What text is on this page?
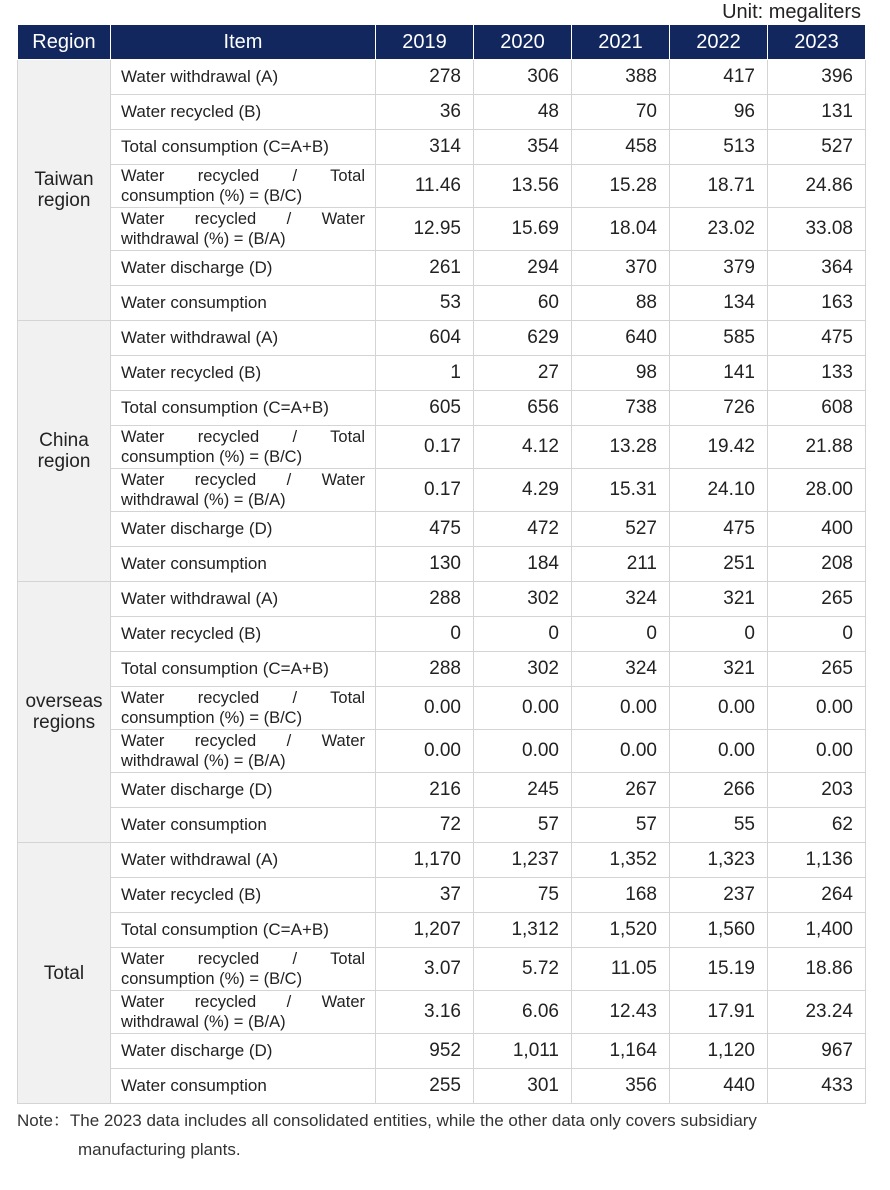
Unit: megaliters
Region	Item	2019	2020	2021	2022	2023
Taiwan
region	Water withdrawal (A)	278	306	388	417	396
	Water recycled (B)	36	48	70	96	131
	Total consumption (C=A+B)	314	354	458	513	527
	Water recycled / Total consumption (%) = (B/C)	11.46	13.56	15.28	18.71	24.86
	Water recycled / Water withdrawal (%) = (B/A)	12.95	15.69	18.04	23.02	33.08
	Water discharge (D)	261	294	370	379	364
	Water consumption	53	60	88	134	163
China
region	Water withdrawal (A)	604	629	640	585	475
	Water recycled (B)	1	27	98	141	133
	Total consumption (C=A+B)	605	656	738	726	608
	Water recycled / Total consumption (%) = (B/C)	0.17	4.12	13.28	19.42	21.88
	Water recycled / Water withdrawal (%) = (B/A)	0.17	4.29	15.31	24.10	28.00
	Water discharge (D)	475	472	527	475	400
	Water consumption	130	184	211	251	208
overseas
regions	Water withdrawal (A)	288	302	324	321	265
	Water recycled (B)	0	0	0	0	0
	Total consumption (C=A+B)	288	302	324	321	265
	Water recycled / Total consumption (%) = (B/C)	0.00	0.00	0.00	0.00	0.00
	Water recycled / Water withdrawal (%) = (B/A)	0.00	0.00	0.00	0.00	0.00
	Water discharge (D)	216	245	267	266	203
	Water consumption	72	57	57	55	62
Total	Water withdrawal (A)	1,170	1,237	1,352	1,323	1,136
	Water recycled (B)	37	75	168	237	264
	Total consumption (C=A+B)	1,207	1,312	1,520	1,560	1,400
	Water recycled / Total consumption (%) = (B/C)	3.07	5.72	11.05	15.19	18.86
	Water recycled / Water withdrawal (%) = (B/A)	3.16	6.06	12.43	17.91	23.24
	Water discharge (D)	952	1,011	1,164	1,120	967
	Water consumption	255	301	356	440	433
Note：The 2023 data includes all consolidated entities, while the other data only covers subsidiary
manufacturing plants.
